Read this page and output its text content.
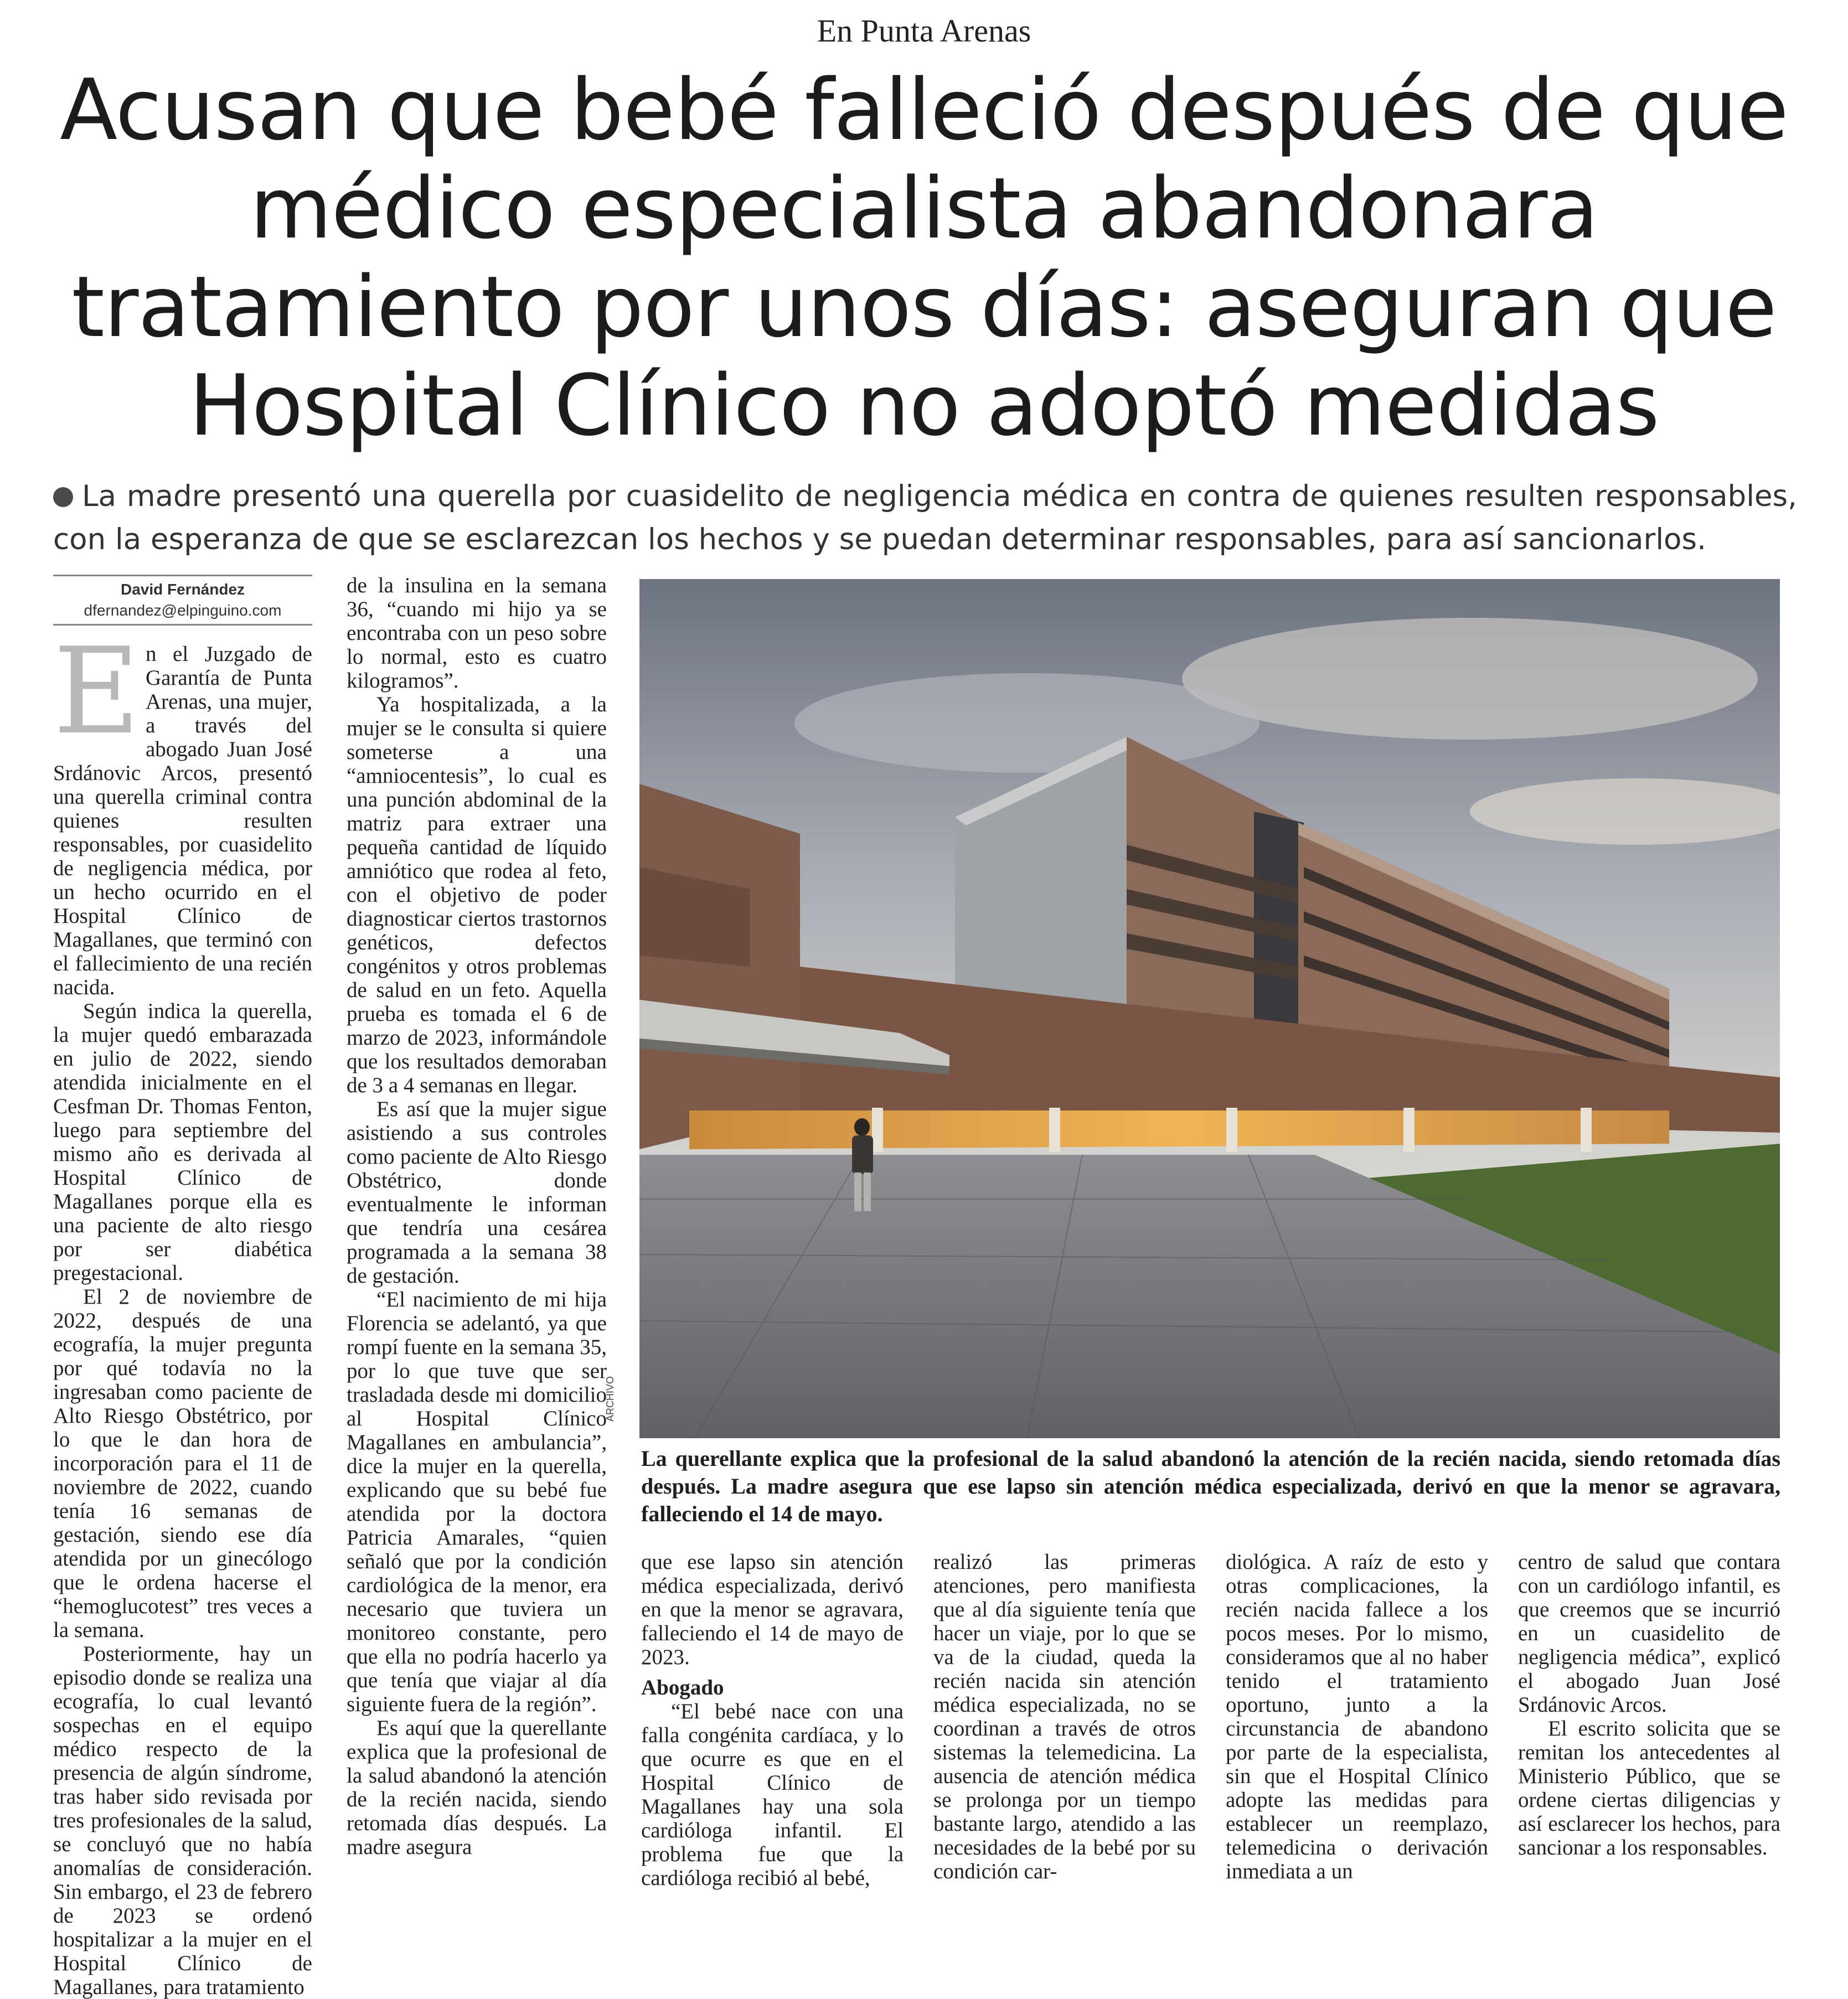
En Punta Arenas
Acusan que bebé falleció después de que médico especialista abandonara tratamiento por unos días: aseguran que Hospital Clínico no adoptó medidas
La madre presentó una querella por cuasidelito de negligencia médica en contra de quienes resulten responsables, con la esperanza de que se esclarezcan los hechos y se puedan determinar responsables, para así sancionarlos.
David Fernández
dfernandez@elpinguino.com

En el Juzgado de Garantía de Punta Arenas, una mujer, a través del abogado Juan José Srdánovic Arcos, presentó una querella criminal contra quienes resulten responsables, por cuasidelito de negligencia médica, por un hecho ocurrido en el Hospital Clínico de Magallanes, que terminó con el fallecimiento de una recién nacida.

Según indica la querella, la mujer quedó embarazada en julio de 2022, siendo atendida inicialmente en el Cesfman Dr. Thomas Fenton, luego para septiembre del mismo año es derivada al Hospital Clínico de Magallanes porque ella es una paciente de alto riesgo por ser diabética pregestacional.

El 2 de noviembre de 2022, después de una ecografía, la mujer pregunta por qué todavía no la ingresaban como paciente de Alto Riesgo Obstétrico, por lo que le dan hora de incorporación para el 11 de noviembre de 2022, cuando tenía 16 semanas de gestación, siendo ese día atendida por un ginecólogo que le ordena hacerse el “hemoglucotest” tres veces a la semana.

Posteriormente, hay un episodio donde se realiza una ecografía, lo cual levantó sospechas en el equipo médico respecto de la presencia de algún síndrome, tras haber sido revisada por tres profesionales de la salud, se concluyó que no había anomalías de consideración. Sin embargo, el 23 de febrero de 2023 se ordenó hospitalizar a la mujer en el Hospital Clínico de Magallanes, para tratamiento

de la insulina en la semana 36, “cuando mi hijo ya se encontraba con un peso sobre lo normal, esto es cuatro kilogramos”.

Ya hospitalizada, a la mujer se le consulta si quiere someterse a una “amniocentesis”, lo cual es una punción abdominal de la matriz para extraer una pequeña cantidad de líquido amniótico que rodea al feto, con el objetivo de poder diagnosticar ciertos trastornos genéticos, defectos congénitos y otros problemas de salud en un feto. Aquella prueba es tomada el 6 de marzo de 2023, informándole que los resultados demoraban de 3 a 4 semanas en llegar.

Es así que la mujer sigue asistiendo a sus controles como paciente de Alto Riesgo Obstétrico, donde eventualmente le informan que tendría una cesárea programada a la semana 38 de gestación.

“El nacimiento de mi hija Florencia se adelantó, ya que rompí fuente en la semana 35, por lo que tuve que ser trasladada desde mi domicilio al Hospital Clínico Magallanes en ambulancia”, dice la mujer en la querella, explicando que su bebé fue atendida por la doctora Patricia Amarales, “quien señaló que por la condición cardiológica de la menor, era necesario que tuviera un monitoreo constante, pero que ella no podría hacerlo ya que tenía que viajar al día siguiente fuera de la región”.

Es aquí que la querellante explica que la profesional de la salud abandonó la atención de la recién nacida, siendo retomada días después. La madre asegura

ARCHIVO
La querellante explica que la profesional de la salud abandonó la atención de la recién nacida, siendo retomada días después. La madre asegura que ese lapso sin atención médica especializada, derivó en que la menor se agravara, falleciendo el 14 de mayo.

que ese lapso sin atención médica especializada, derivó en que la menor se agravara, falleciendo el 14 de mayo de 2023.

Abogado

“El bebé nace con una falla congénita cardíaca, y lo que ocurre es que en el Hospital Clínico de Magallanes hay una sola cardióloga infantil. El problema fue que la cardióloga recibió al bebé,

realizó las primeras atenciones, pero manifiesta que al día siguiente tenía que hacer un viaje, por lo que se va de la ciudad, queda la recién nacida sin atención médica especializada, no se coordinan a través de otros sistemas la telemedicina. La ausencia de atención médica se prolonga por un tiempo bastante largo, atendido a las necesidades de la bebé por su condición car-

diológica. A raíz de esto y otras complicaciones, la recién nacida fallece a los pocos meses. Por lo mismo, consideramos que al no haber tenido el tratamiento oportuno, junto a la circunstancia de abandono por parte de la especialista, sin que el Hospital Clínico adopte las medidas para establecer un reemplazo, telemedicina o derivación inmediata a un

centro de salud que contara con un cardiólogo infantil, es que creemos que se incurrió en un cuasidelito de negligencia médica”, explicó el abogado Juan José Srdánovic Arcos.

El escrito solicita que se remitan los antecedentes al Ministerio Público, que se ordene ciertas diligencias y así esclarecer los hechos, para sancionar a los responsables.
